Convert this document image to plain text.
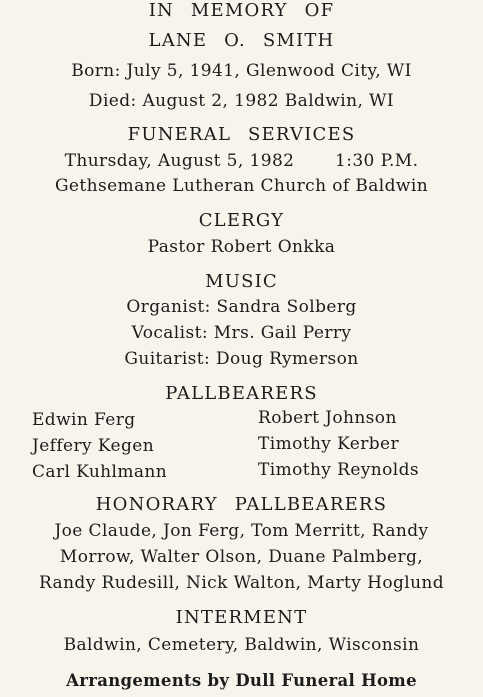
IN MEMORY OF
LANE O. SMITH
Born: July 5, 1941, Glenwood City, WI
Died: August 2, 1982 Baldwin, WI
FUNERAL SERVICES
Thursday, August 5, 1982       1:30 P.M.
Gethsemane Lutheran Church of Baldwin
CLERGY
Pastor Robert Onkka
MUSIC
Organist: Sandra Solberg
Vocalist: Mrs. Gail Perry
Guitarist: Doug Rymerson
PALLBEARERS
Edwin Ferg	Robert Johnson
Jeffery Kegen	Timothy Kerber
Carl Kuhlmann	Timothy Reynolds
HONORARY PALLBEARERS
Joe Claude, Jon Ferg, Tom Merritt, Randy
Morrow, Walter Olson, Duane Palmberg,
Randy Rudesill, Nick Walton, Marty Hoglund
INTERMENT
Baldwin, Cemetery, Baldwin, Wisconsin
Arrangements by Dull Funeral Home
